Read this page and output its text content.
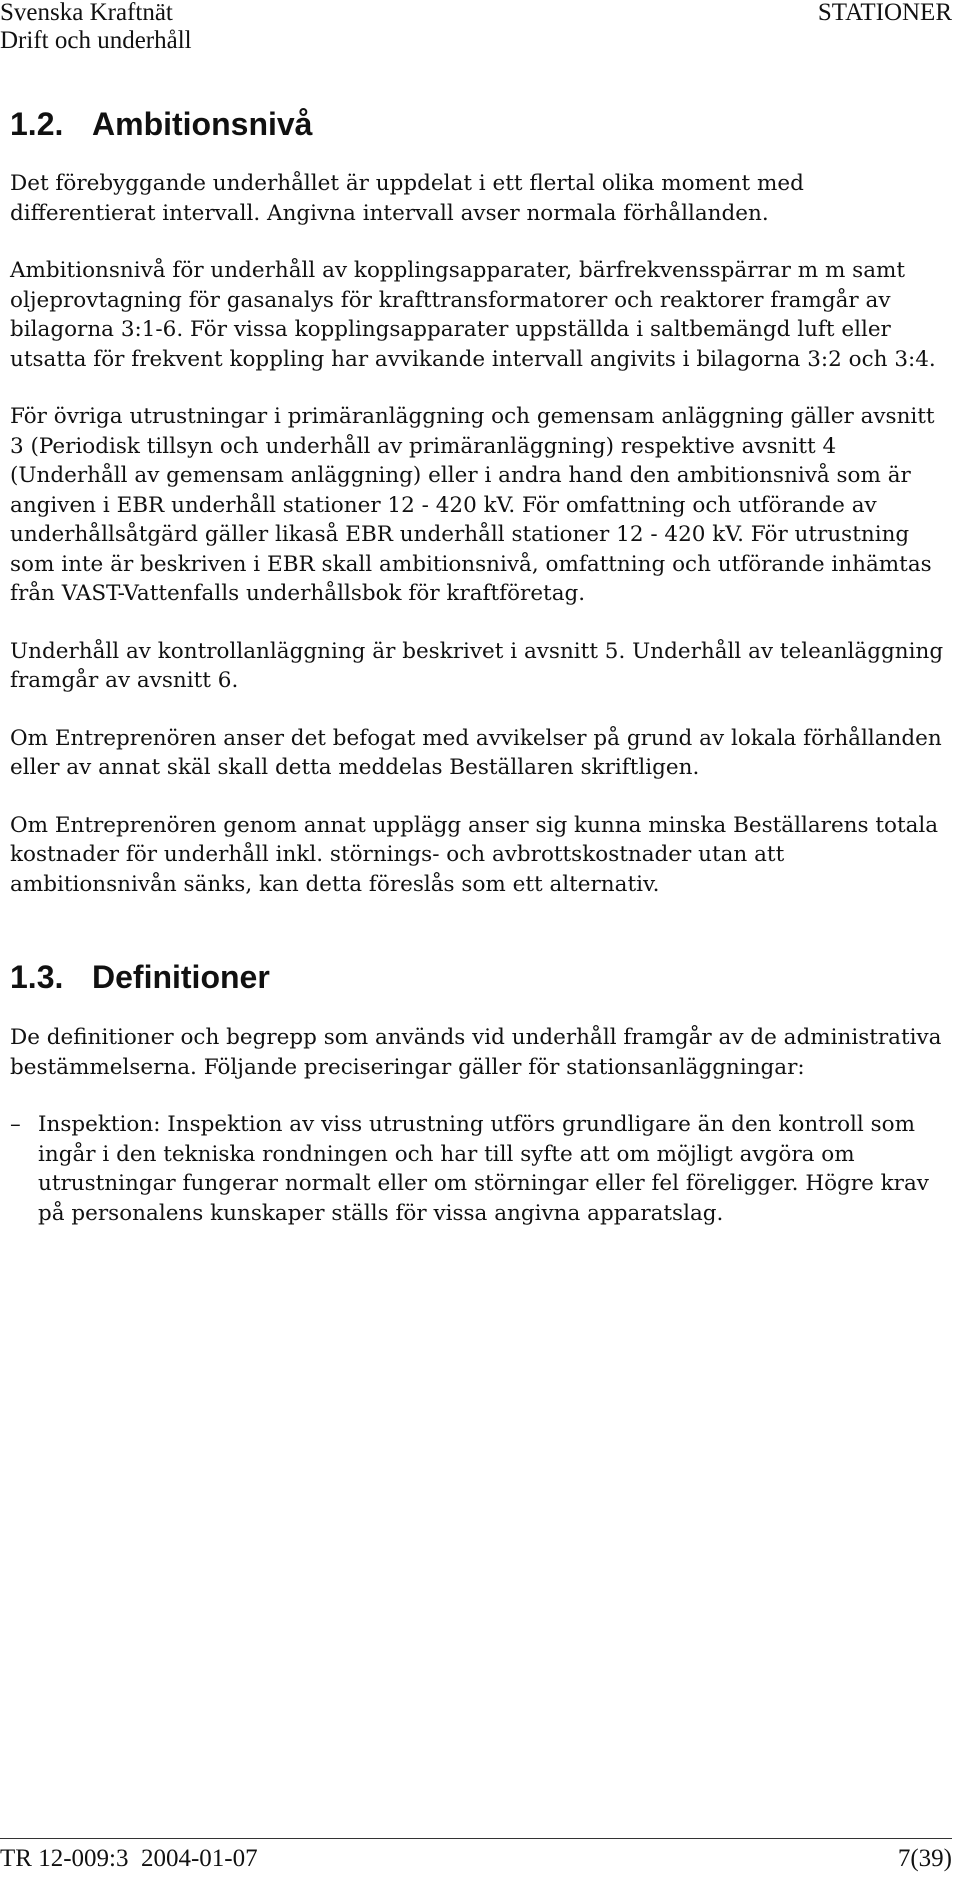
Svenska Kraftnät
Drift och underhåll
STATIONER
1.2. Ambitionsnivå

Det förebyggande underhållet är uppdelat i ett flertal olika moment med differentierat intervall. Angivna intervall avser normala förhållanden.

Ambitionsnivå för underhåll av kopplingsapparater, bärfrekvensspärrar m m samt oljeprovtagning för gasanalys för krafttransformatorer och reaktorer framgår av bilagorna 3:1-6. För vissa kopplingsapparater uppställda i saltbemängd luft eller utsatta för frekvent koppling har avvikande intervall angivits i bilagorna 3:2 och 3:4.

För övriga utrustningar i primäranläggning och gemensam anläggning gäller avsnitt 3 (Periodisk tillsyn och underhåll av primäranläggning) respektive avsnitt 4 (Underhåll av gemensam anläggning) eller i andra hand den ambitionsnivå som är angiven i EBR underhåll stationer 12 - 420 kV. För omfattning och utförande av underhållsåtgärd gäller likaså EBR underhåll stationer 12 - 420 kV. För utrustning som inte är beskriven i EBR skall ambitionsnivå, omfattning och utförande inhämtas från VAST-Vattenfalls underhållsbok för kraftföretag.

Underhåll av kontrollanläggning är beskrivet i avsnitt 5. Underhåll av teleanläggning framgår av avsnitt 6.

Om Entreprenören anser det befogat med avvikelser på grund av lokala förhållanden eller av annat skäl skall detta meddelas Beställaren skriftligen.

Om Entreprenören genom annat upplägg anser sig kunna minska Beställarens totala kostnader för underhåll inkl. störnings- och avbrottskostnader utan att ambitionsnivån sänks, kan detta föreslås som ett alternativ.

1.3. Definitioner

De definitioner och begrepp som används vid underhåll framgår av de administrativa bestämmelserna. Följande preciseringar gäller för stationsanläggningar:

– Inspektion: Inspektion av viss utrustning utförs grundligare än den kontroll som ingår i den tekniska rondningen och har till syfte att om möjligt avgöra om utrustningar fungerar normalt eller om störningar eller fel föreligger. Högre krav på personalens kunskaper ställs för vissa angivna apparatslag.
TR 12-009:3  2004-01-07	7(39)
